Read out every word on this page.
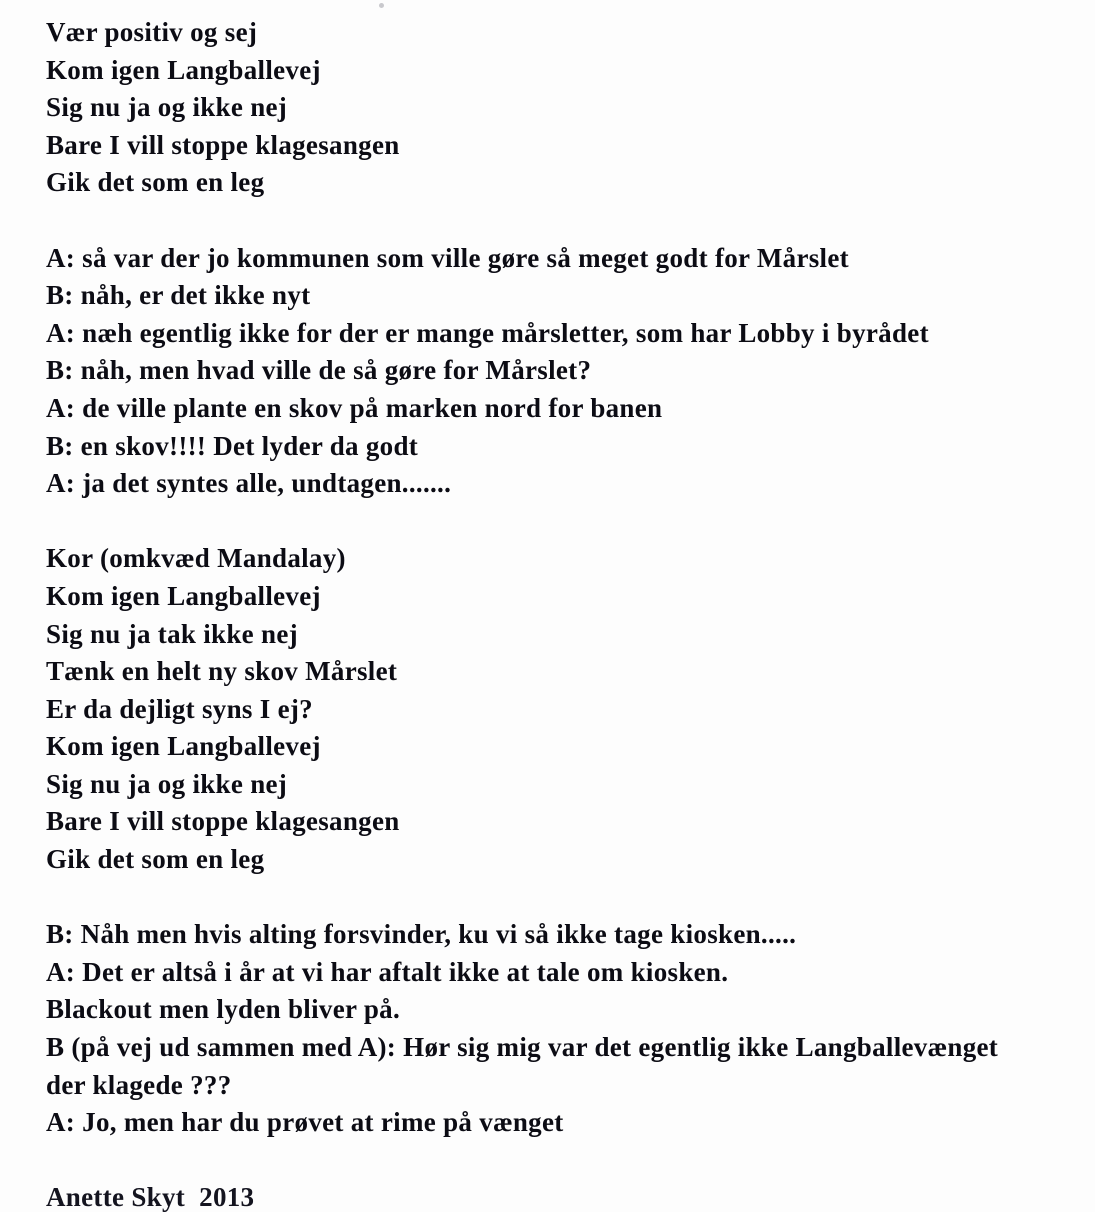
Vær positiv og sej
Kom igen Langballevej
Sig nu ja og ikke nej
Bare I vill stoppe klagesangen
Gik det som en leg
A: så var der jo kommunen som ville gøre så meget godt for Mårslet
B: nåh, er det ikke nyt
A: næh egentlig ikke for der er mange mårsletter, som har Lobby i byrådet
B: nåh, men hvad ville de så gøre for Mårslet?
A: de ville plante en skov på marken nord for banen
B: en skov!!!! Det lyder da godt
A: ja det syntes alle, undtagen.......
Kor (omkvæd Mandalay)
Kom igen Langballevej
Sig nu ja tak ikke nej
Tænk en helt ny skov Mårslet
Er da dejligt syns I ej?
Kom igen Langballevej
Sig nu ja og ikke nej
Bare I vill stoppe klagesangen
Gik det som en leg
B: Nåh men hvis alting forsvinder, ku vi så ikke tage kiosken.....
A: Det er altså i år at vi har aftalt ikke at tale om kiosken.
Blackout men lyden bliver på.
B (på vej ud sammen med A): Hør sig mig var det egentlig ikke Langballevænget
der klagede ???
A: Jo, men har du prøvet at rime på vænget
Anette Skyt  2013
